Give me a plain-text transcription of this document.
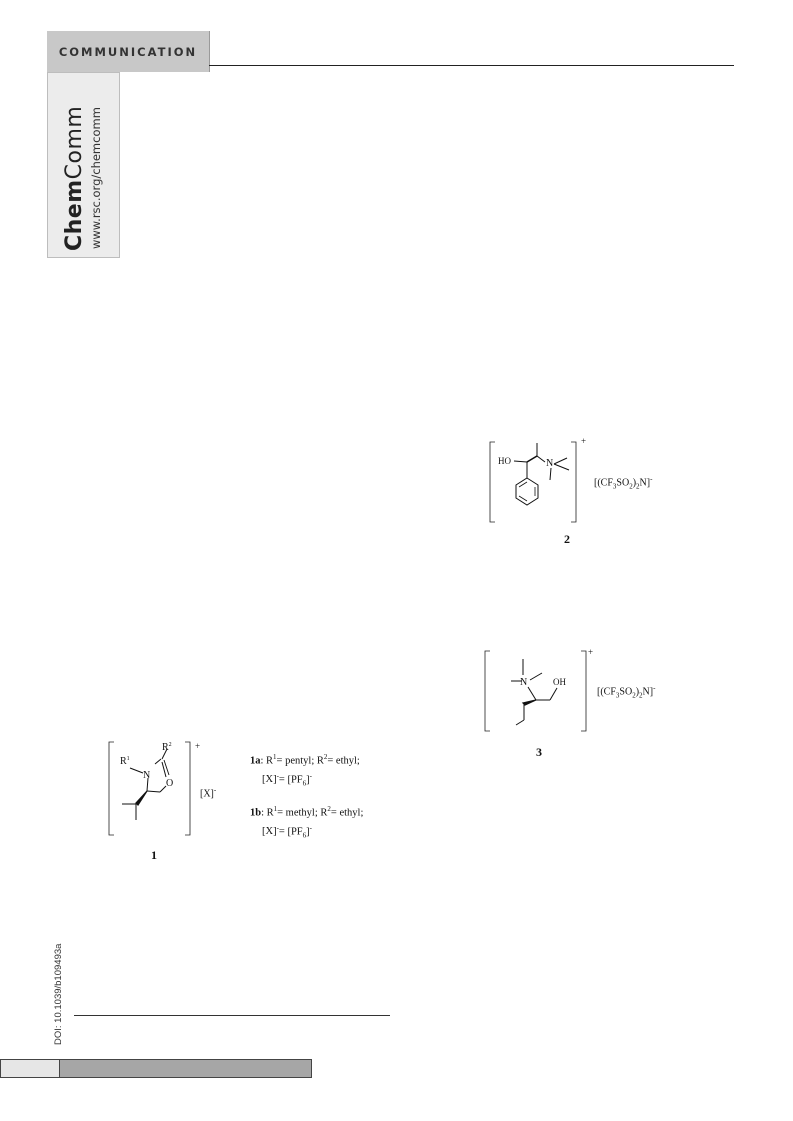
COMMUNICATION
ChemComm www.rsc.org/chemcomm
HO	N
+
$[(CF_3SO_2)_2N]^-$
2
N	OH
+
$[(CF_3SO_2)_2N]^-$
3
N
O
$R^1$
$R^2$	+
[X]-
1a: $R^1=$ pentyl; $R^2=$ ethyl;
$[X]^-= [PF_6]^-$
1b: $R^1=$ methyl; $R^2=$ ethyl;
$[X]^-= [PF_6]^-$
1
DOI: 10.1039/b109493a
